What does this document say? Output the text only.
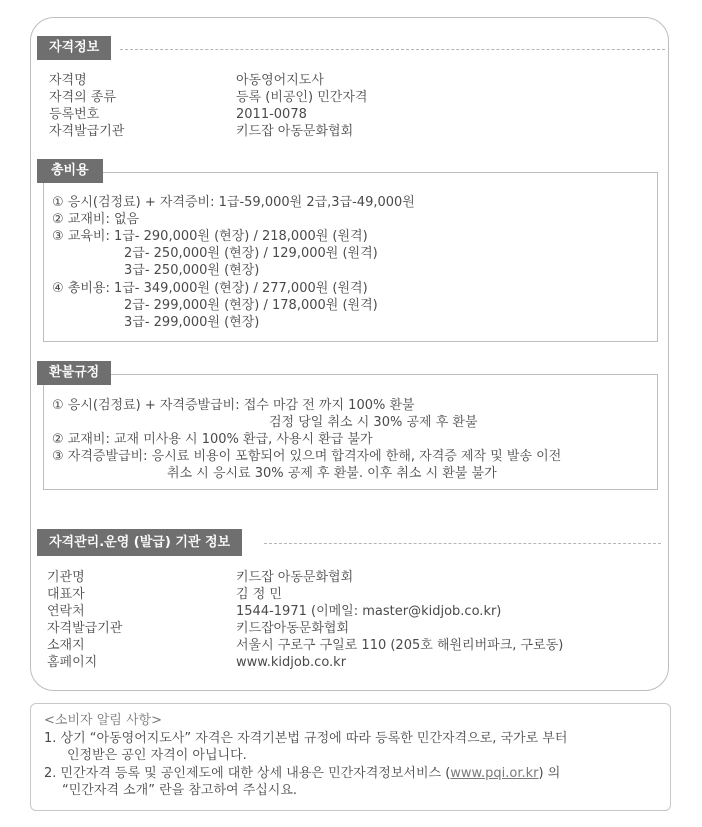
자격정보
자격명	아동영어지도사
자격의 종류	등록 (비공인) 민간자격
등록번호	2011-0078
자격발급기관	키드잡 아동문화협회
총비용
① 응시(검정료) + 자격증비: 1급-59,000원 2급,3급-49,000원
② 교재비: 없음
③ 교육비: 1급- 290,000원 (현장) / 218,000원 (원격)
2급- 250,000원 (현장) / 129,000원 (원격)
3급- 250,000원 (현장)
④ 총비용: 1급- 349,000원 (현장) / 277,000원 (원격)
2급- 299,000원 (현장) / 178,000원 (원격)
3급- 299,000원 (현장)
환불규정
① 응시(검정료) + 자격증발급비: 접수 마감 전 까지 100% 환불
검정 당일 취소 시 30% 공제 후 환불
② 교재비: 교재 미사용 시 100% 환급, 사용시 환급 불가
③ 자격증발급비: 응시료 비용이 포함되어 있으며 합격자에 한해, 자격증 제작 및 발송 이전
취소 시 응시료 30% 공제 후 환불. 이후 취소 시 환불 불가
자격관리.운영 (발급) 기관 정보
기관명	키드잡 아동문화협회
대표자	김 정 민
연락처	1544-1971 (이메일: master@kidjob.co.kr)
자격발급기관	키드잡아동문화협회
소재지	서울시 구로구 구일로 110 (205호 해원리버파크, 구로동)
홈페이지	www.kidjob.co.kr
<소비자 알림 사항>
1. 상기 “아동영어지도사” 자격은 자격기본법 규정에 따라 등록한 민간자격으로, 국가로 부터
인정받은 공인 자격이 아닙니다.
2. 민간자격 등록 및 공인제도에 대한 상세 내용은 민간자격정보서비스 (www.pqi.or.kr) 의
“민간자격 소개” 란을 참고하여 주십시요.
